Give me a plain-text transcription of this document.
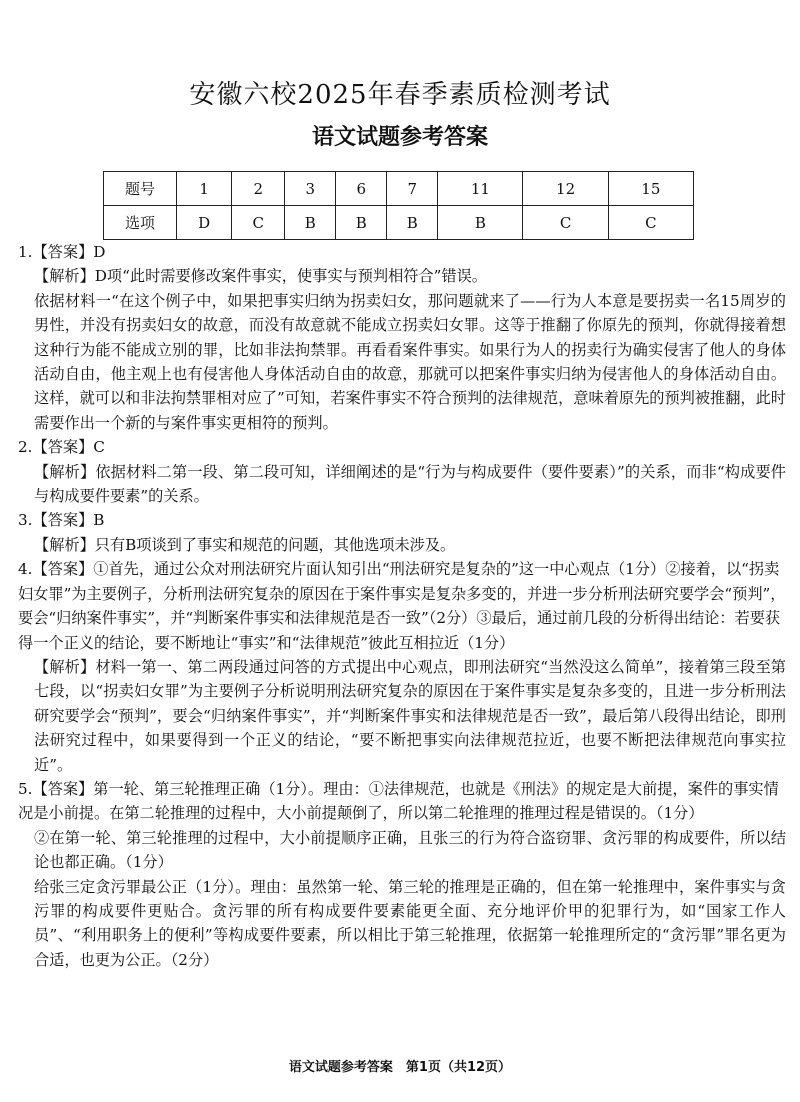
安徽六校2025年春季素质检测考试
语文试题参考答案
题号	1	2	3	6	7	11	12	15
选项	D	C	B	B	B	B	C	C

1.【答案】D

【解析】D项“此时需要修改案件事实，使事实与预判相符合”错误。

依据材料一“在这个例子中，如果把事实归纳为拐卖妇女，那问题就来了——行为人本意是要拐卖一名15周岁的男性，并没有拐卖妇女的故意，而没有故意就不能成立拐卖妇女罪。这等于推翻了你原先的预判，你就得接着想这种行为能不能成立别的罪，比如非法拘禁罪。再看看案件事实。如果行为人的拐卖行为确实侵害了他人的身体活动自由，他主观上也有侵害他人身体活动自由的故意，那就可以把案件事实归纳为侵害他人的身体活动自由。这样，就可以和非法拘禁罪相对应了”可知，若案件事实不符合预判的法律规范，意味着原先的预判被推翻，此时需要作出一个新的与案件事实更相符的预判。

2.【答案】C

【解析】依据材料二第一段、第二段可知，详细阐述的是“行为与构成要件（要件要素）”的关系，而非“构成要件与构成要件要素”的关系。

3.【答案】B

【解析】只有B项谈到了事实和规范的问题，其他选项未涉及。

4.【答案】①首先，通过公众对刑法研究片面认知引出“刑法研究是复杂的”这一中心观点（1分）②接着，以“拐卖妇女罪”为主要例子，分析刑法研究复杂的原因在于案件事实是复杂多变的，并进一步分析刑法研究要学会“预判”，要会“归纳案件事实”，并“判断案件事实和法律规范是否一致”（2分）③最后，通过前几段的分析得出结论：若要获得一个正义的结论，要不断地让“事实”和“法律规范”彼此互相拉近（1分）

【解析】材料一第一、第二两段通过问答的方式提出中心观点，即刑法研究“当然没这么简单”，接着第三段至第七段，以“拐卖妇女罪”为主要例子分析说明刑法研究复杂的原因在于案件事实是复杂多变的，且进一步分析刑法研究要学会“预判”，要会“归纳案件事实”，并“判断案件事实和法律规范是否一致”，最后第八段得出结论，即刑法研究过程中，如果要得到一个正义的结论，“要不断把事实向法律规范拉近，也要不断把法律规范向事实拉近”。

5.【答案】第一轮、第三轮推理正确（1分）。理由：①法律规范，也就是《刑法》的规定是大前提，案件的事实情况是小前提。在第二轮推理的过程中，大小前提颠倒了，所以第二轮推理的推理过程是错误的。（1分）

②在第一轮、第三轮推理的过程中，大小前提顺序正确，且张三的行为符合盗窃罪、贪污罪的构成要件，所以结论也都正确。（1分）

给张三定贪污罪最公正（1分）。理由：虽然第一轮、第三轮的推理是正确的，但在第一轮推理中，案件事实与贪污罪的构成要件更贴合。贪污罪的所有构成要件要素能更全面、充分地评价甲的犯罪行为，如“国家工作人员”、“利用职务上的便利”等构成要件要素，所以相比于第三轮推理，依据第一轮推理所定的“贪污罪”罪名更为合适，也更为公正。（2分）

语文试题参考答案　第1页（共12页）
